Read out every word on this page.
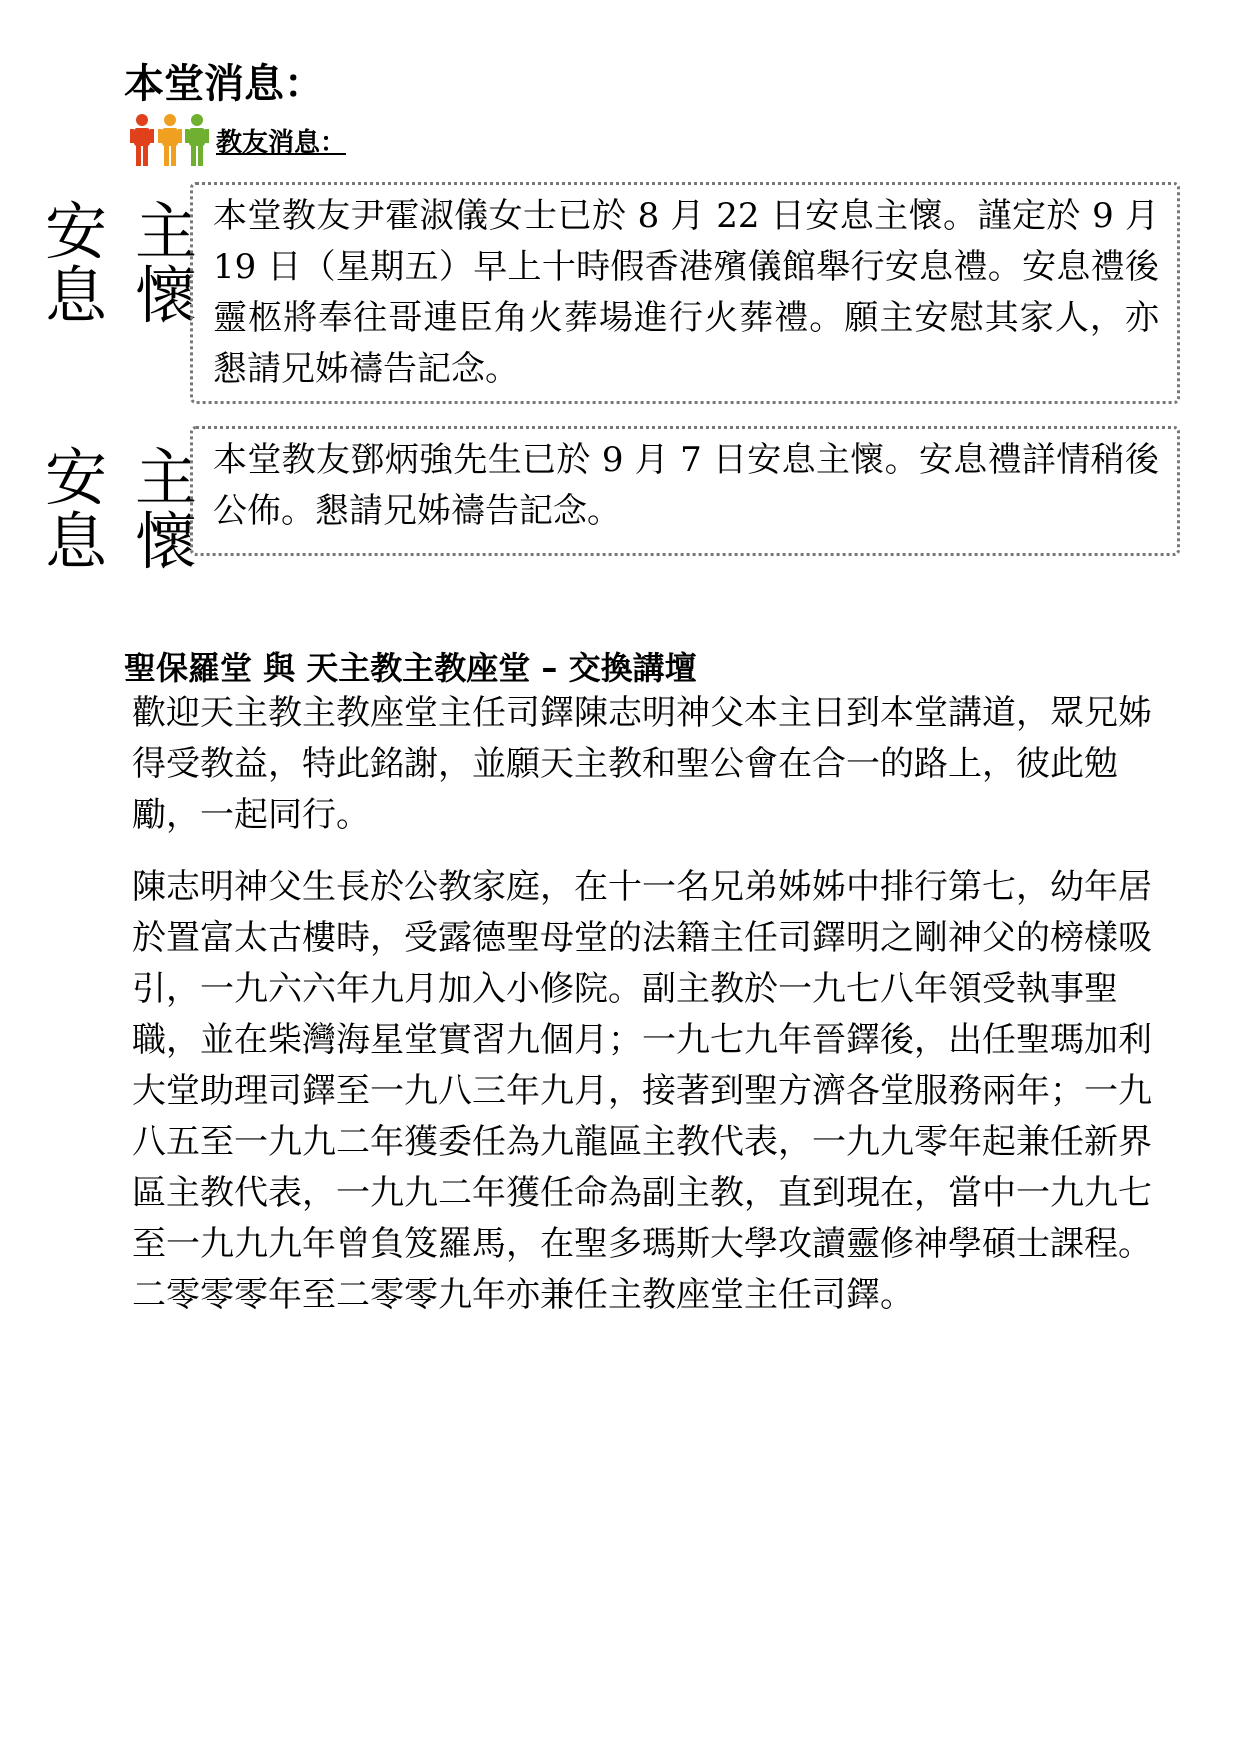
本堂消息：
教友消息：
主
懷
安
息

本堂教友尹霍淑儀女士已於 8 月 22 日安息主懷。謹定於 9 月 19 日（星期五）早上十時假香港殯儀館舉行安息禮。安息禮後靈柩將奉往哥連臣角火葬場進行火葬禮。願主安慰其家人，亦懇請兄姊禱告記念。

主
懷
安
息

本堂教友鄧炳強先生已於 9 月 7 日安息主懷。安息禮詳情稍後公佈。懇請兄姊禱告記念。

聖保羅堂 與 天主教主教座堂 – 交換講壇

歡迎天主教主教座堂主任司鐸陳志明神父本主日到本堂講道，眾兄姊得受教益，特此銘謝，並願天主教和聖公會在合一的路上，彼此勉勵，一起同行。

陳志明神父生長於公教家庭，在十一名兄弟姊姊中排行第七，幼年居於置富太古樓時，受露德聖母堂的法籍主任司鐸明之剛神父的榜樣吸引，一九六六年九月加入小修院。副主教於一九七八年領受執事聖職，並在柴灣海星堂實習九個月；一九七九年晉鐸後，出任聖瑪加利大堂助理司鐸至一九八三年九月，接著到聖方濟各堂服務兩年；一九八五至一九九二年獲委任為九龍區主教代表，一九九零年起兼任新界區主教代表，一九九二年獲任命為副主教，直到現在，當中一九九七至一九九九年曾負笈羅馬，在聖多瑪斯大學攻讀靈修神學碩士課程。二零零零年至二零零九年亦兼任主教座堂主任司鐸。
